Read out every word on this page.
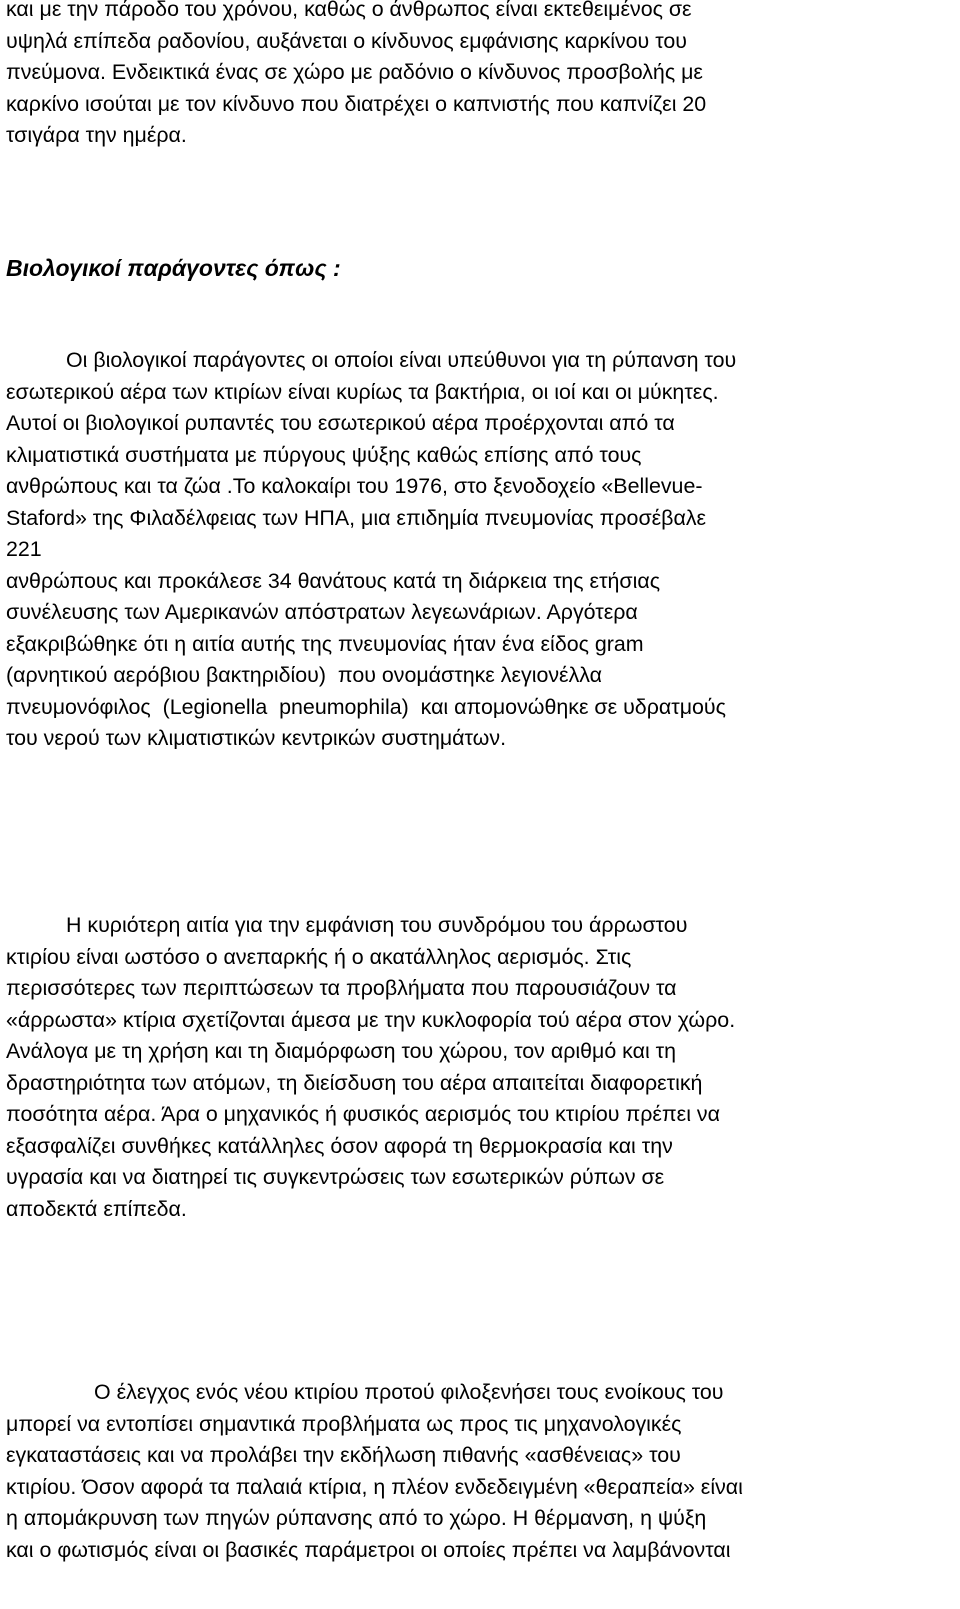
και με την πάροδο του χρόνου, καθώς ο άνθρωπος είναι εκτεθειμένος σε
υψηλά επίπεδα ραδονίου, αυξάνεται ο κίνδυνος εμφάνισης καρκίνου του
πνεύμονα. Ενδεικτικά ένας σε χώρο με ραδόνιο ο κίνδυνος προσβολής με
καρκίνο ισούται με τον κίνδυνο που διατρέχει ο καπνιστής που καπνίζει 20
τσιγάρα την ημέρα.
Βιολογικοί παράγοντες όπως :
Οι βιολογικοί παράγοντες οι οποίοι είναι υπεύθυνοι για τη ρύπανση του
εσωτερικού αέρα των κτιρίων είναι κυρίως τα βακτήρια, οι ιοί και οι μύκητες.
Αυτοί οι βιολογικοί ρυπαντές του εσωτερικού αέρα προέρχονται από τα
κλιματιστικά συστήματα με πύργους ψύξης καθώς επίσης από τους
ανθρώπους και τα ζώα .Το καλοκαίρι του 1976, στο ξενοδοχείο «Bellevue-
Staford» της Φιλαδέλφειας των ΗΠΑ, μια επιδημία πνευμονίας προσέβαλε
221
ανθρώπους και προκάλεσε 34 θανάτους κατά τη διάρκεια της ετήσιας
συνέλευσης των Αμερικανών απόστρατων λεγεωνάριων. Αργότερα
εξακριβώθηκε ότι η αιτία αυτής της πνευμονίας ήταν ένα είδος gram
(αρνητικού αερόβιου βακτηριδίου)  που ονομάστηκε λεγιονέλλα
πνευμονόφιλος  (Legionella  pneumophila)  και απομονώθηκε σε υδρατμούς
του νερού των κλιματιστικών κεντρικών συστημάτων.
Η κυριότερη αιτία για την εμφάνιση του συνδρόμου του άρρωστου
κτιρίου είναι ωστόσο ο ανεπαρκής ή ο ακατάλληλος αερισμός. Στις
περισσότερες των περιπτώσεων τα προβλήματα που παρουσιάζουν τα
«άρρωστα» κτίρια σχετίζονται άμεσα με την κυκλοφορία τού αέρα στον χώρο.
Ανάλογα με τη χρήση και τη διαμόρφωση του χώρου, τον αριθμό και τη
δραστηριότητα των ατόμων, τη διείσδυση του αέρα απαιτείται διαφορετική
ποσότητα αέρα. Άρα ο μηχανικός ή φυσικός αερισμός του κτιρίου πρέπει να
εξασφαλίζει συνθήκες κατάλληλες όσον αφορά τη θερμοκρασία και την
υγρασία και να διατηρεί τις συγκεντρώσεις των εσωτερικών ρύπων σε
αποδεκτά επίπεδα.
Ο έλεγχος ενός νέου κτιρίου προτού φιλοξενήσει τους ενοίκους του
μπορεί να εντοπίσει σημαντικά προβλήματα ως προς τις μηχανολογικές
εγκαταστάσεις και να προλάβει την εκδήλωση πιθανής «ασθένειας» του
κτιρίου. Όσον αφορά τα παλαιά κτίρια, η πλέον ενδεδειγμένη «θεραπεία» είναι
η απομάκρυνση των πηγών ρύπανσης από το χώρο. Η θέρμανση, η ψύξη
και ο φωτισμός είναι οι βασικές παράμετροι οι οποίες πρέπει να λαμβάνονται
